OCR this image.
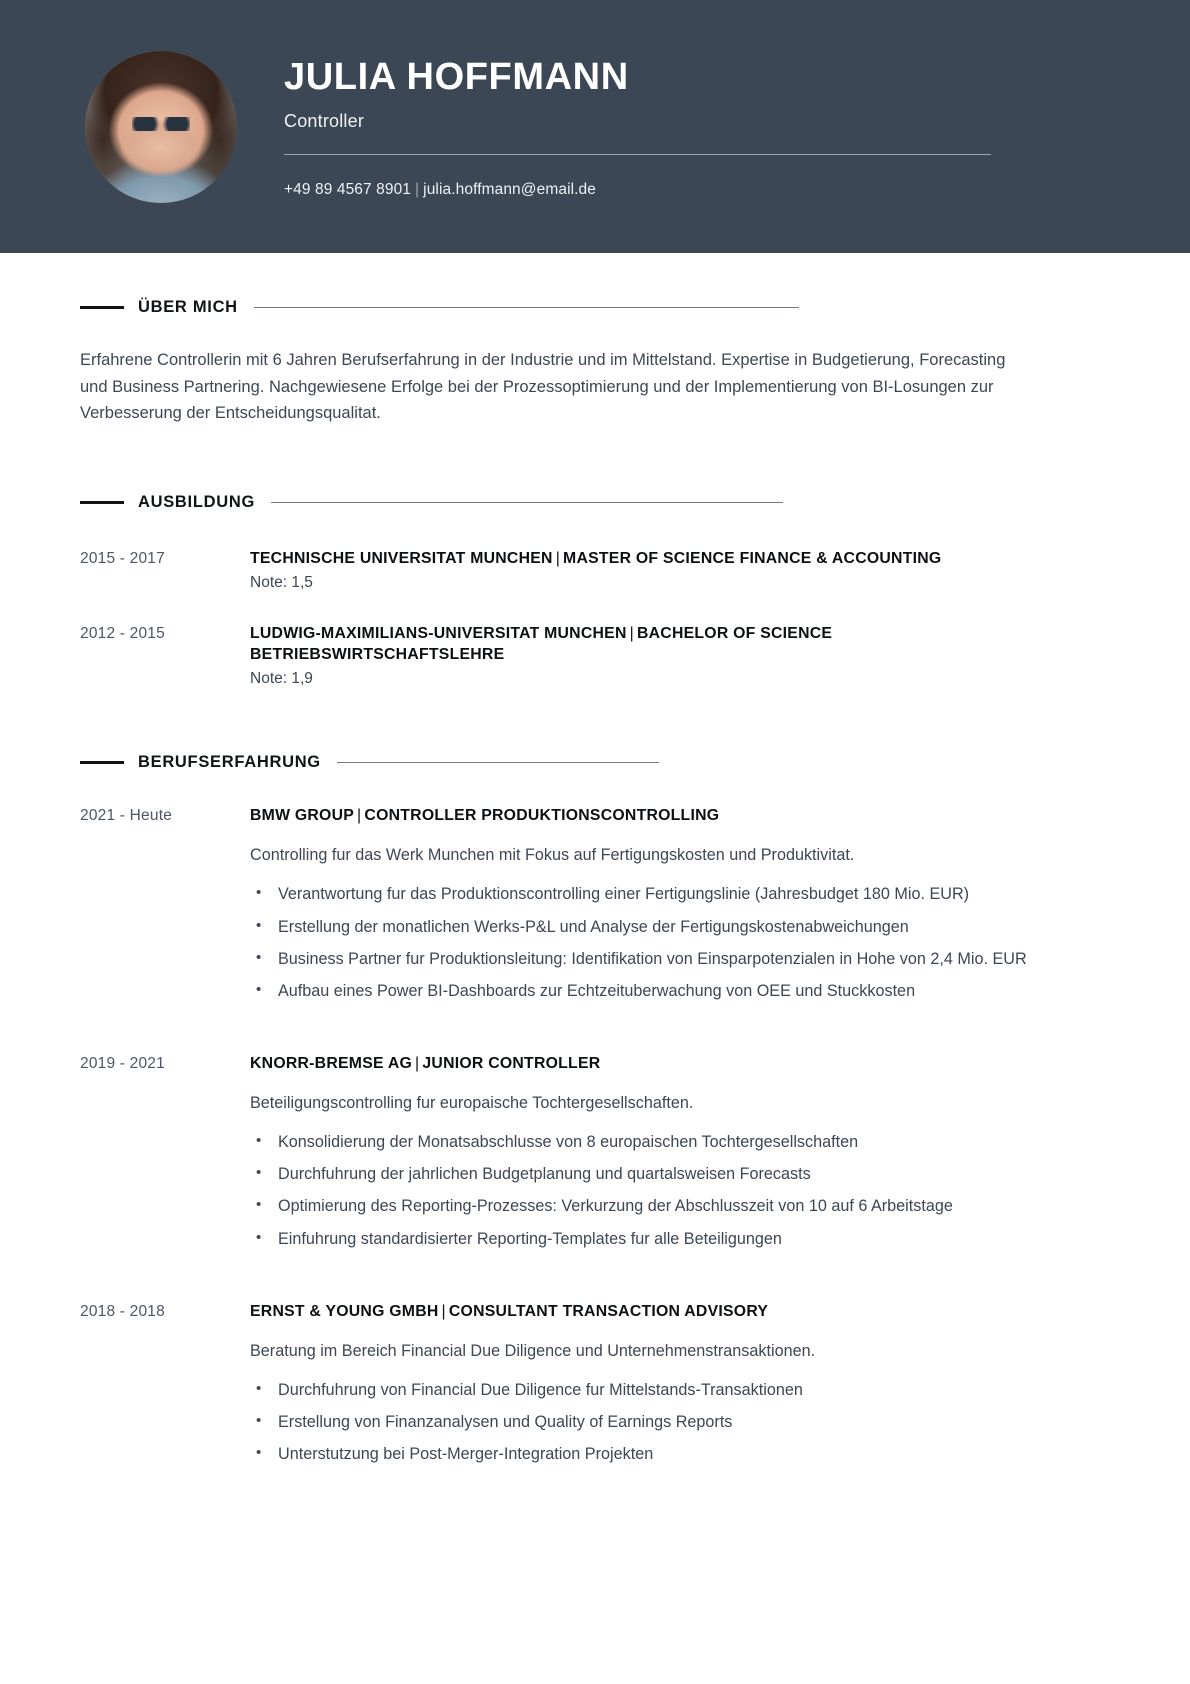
JULIA HOFFMANN
Controller
+49 89 4567 8901 | julia.hoffmann@email.de
ÜBER MICH

Erfahrene Controllerin mit 6 Jahren Berufserfahrung in der Industrie und im Mittelstand. Expertise in Budgetierung, Forecasting und Business Partnering. Nachgewiesene Erfolge bei der Prozessoptimierung und der Implementierung von BI-Losungen zur Verbesserung der Entscheidungsqualitat.

AUSBILDUNG
2015 - 2017	TECHNISCHE UNIVERSITAT MUNCHEN | MASTER OF SCIENCE FINANCE & ACCOUNTING
Note: 1,5
2012 - 2015	LUDWIG-MAXIMILIANS-UNIVERSITAT MUNCHEN | BACHELOR OF SCIENCE BETRIEBSWIRTSCHAFTSLEHRE
Note: 1,9
BERUFSERFAHRUNG
2021 - Heute	BMW GROUP | CONTROLLER PRODUKTIONSCONTROLLING
Controlling fur das Werk Munchen mit Fokus auf Fertigungskosten und Produktivitat.
• Verantwortung fur das Produktionscontrolling einer Fertigungslinie (Jahresbudget 180 Mio. EUR)
• Erstellung der monatlichen Werks-P&L und Analyse der Fertigungskostenabweichungen
• Business Partner fur Produktionsleitung: Identifikation von Einsparpotenzialen in Hohe von 2,4 Mio. EUR
• Aufbau eines Power BI-Dashboards zur Echtzeituberwachung von OEE und Stuckkosten
2019 - 2021	KNORR-BREMSE AG | JUNIOR CONTROLLER
Beteiligungscontrolling fur europaische Tochtergesellschaften.
• Konsolidierung der Monatsabschlusse von 8 europaischen Tochtergesellschaften
• Durchfuhrung der jahrlichen Budgetplanung und quartalsweisen Forecasts
• Optimierung des Reporting-Prozesses: Verkurzung der Abschlusszeit von 10 auf 6 Arbeitstage
• Einfuhrung standardisierter Reporting-Templates fur alle Beteiligungen
2018 - 2018	ERNST & YOUNG GMBH | CONSULTANT TRANSACTION ADVISORY
Beratung im Bereich Financial Due Diligence und Unternehmenstransaktionen.
• Durchfuhrung von Financial Due Diligence fur Mittelstands-Transaktionen
• Erstellung von Finanzanalysen und Quality of Earnings Reports
• Unterstutzung bei Post-Merger-Integration Projekten
